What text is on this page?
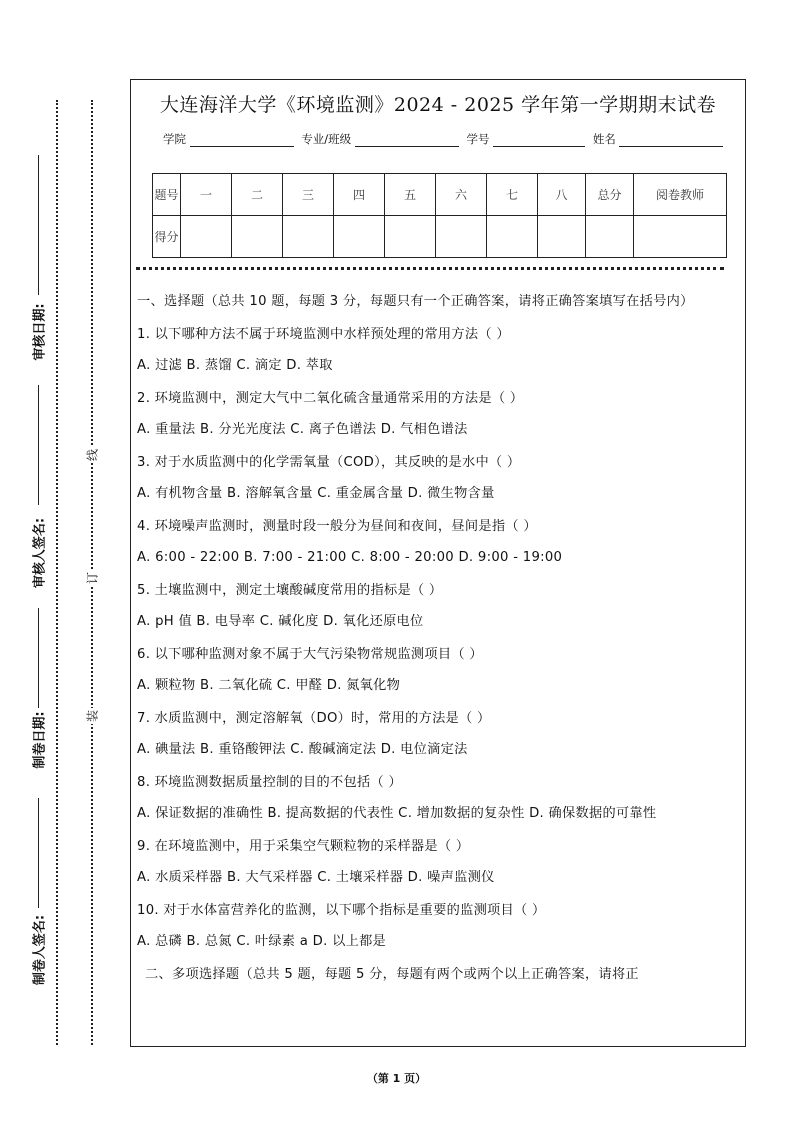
审核日期:
审核人签名:
制卷日期:
制卷人签名:
线
订
装
大连海洋大学《环境监测》2024 - 2025 学年第一学期期末试卷
学院	专业/班级	学号	姓名
题号	一	二	三	四	五	六	七	八	总分	阅卷教师
得分										
一、选择题（总共 10 题，每题 3 分，每题只有一个正确答案，请将正确答案填写在括号内）
1. 以下哪种方法不属于环境监测中水样预处理的常用方法（ ）
A. 过滤 B. 蒸馏 C. 滴定 D. 萃取
2. 环境监测中，测定大气中二氧化硫含量通常采用的方法是（ ）
A. 重量法 B. 分光光度法 C. 离子色谱法 D. 气相色谱法
3. 对于水质监测中的化学需氧量（COD），其反映的是水中（ ）
A. 有机物含量 B. 溶解氧含量 C. 重金属含量 D. 微生物含量
4. 环境噪声监测时，测量时段一般分为昼间和夜间，昼间是指（ ）
A. 6:00 - 22:00 B. 7:00 - 21:00 C. 8:00 - 20:00 D. 9:00 - 19:00
5. 土壤监测中，测定土壤酸碱度常用的指标是（ ）
A. pH 值 B. 电导率 C. 碱化度 D. 氧化还原电位
6. 以下哪种监测对象不属于大气污染物常规监测项目（ ）
A. 颗粒物 B. 二氧化硫 C. 甲醛 D. 氮氧化物
7. 水质监测中，测定溶解氧（DO）时，常用的方法是（ ）
A. 碘量法 B. 重铬酸钾法 C. 酸碱滴定法 D. 电位滴定法
8. 环境监测数据质量控制的目的不包括（ ）
A. 保证数据的准确性 B. 提高数据的代表性 C. 增加数据的复杂性 D. 确保数据的可靠性
9. 在环境监测中，用于采集空气颗粒物的采样器是（ ）
A. 水质采样器 B. 大气采样器 C. 土壤采样器 D. 噪声监测仪
10. 对于水体富营养化的监测，以下哪个指标是重要的监测项目（ ）
A. 总磷 B. 总氮 C. 叶绿素 a D. 以上都是
二、多项选择题（总共 5 题，每题 5 分，每题有两个或两个以上正确答案，请将正
（第 1 页）
